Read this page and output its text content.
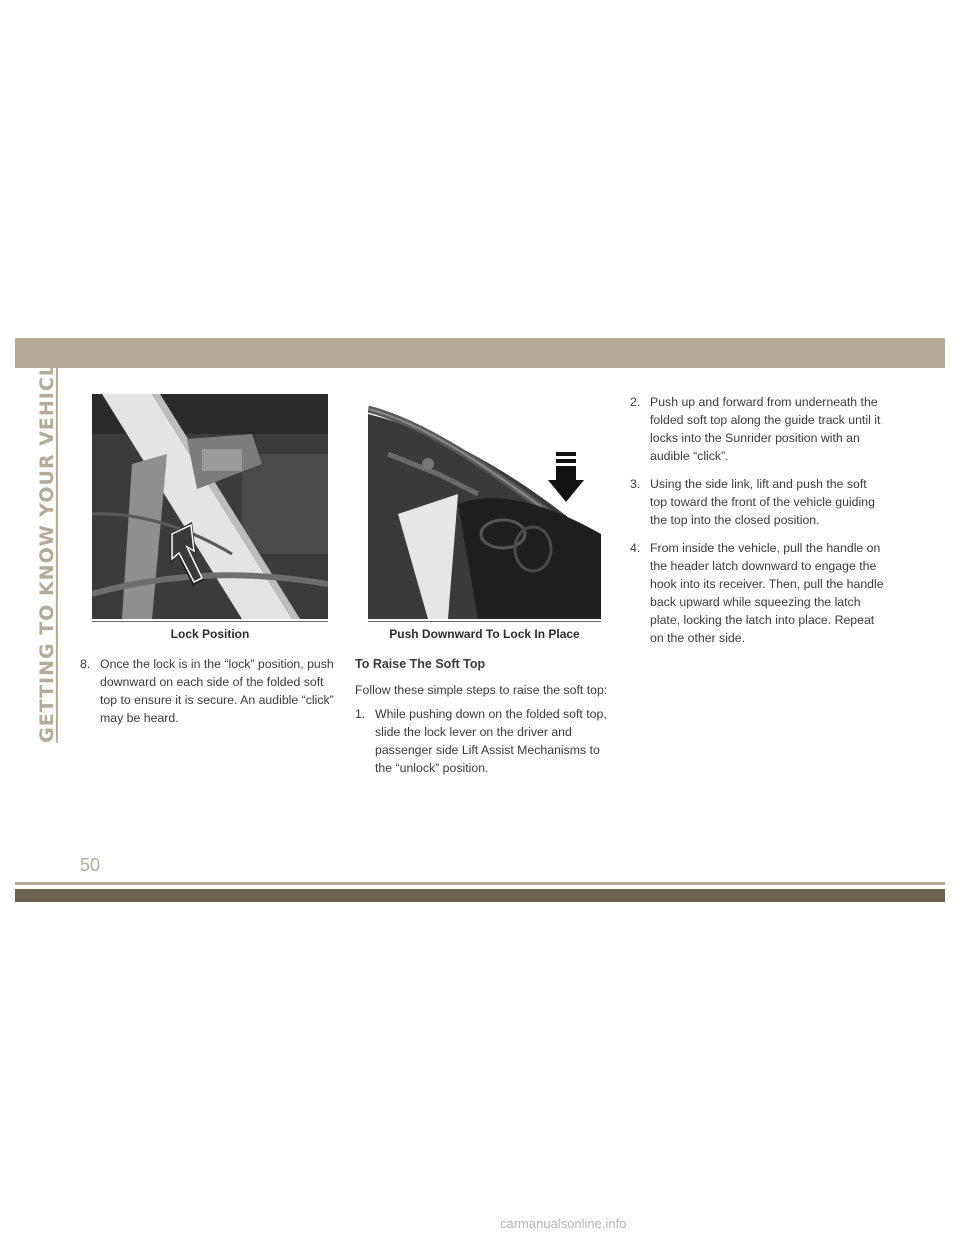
GETTING TO KNOW YOUR VEHICLE	Lock Position	Push Downward To Lock In Place
8. Once the lock is in the “lock” position, push downward on each side of the folded soft top to ensure it is secure. An audible “click” may be heard.

To Raise The Soft Top

Follow these simple steps to raise the soft top:

1. While pushing down on the folded soft top, slide the lock lever on the driver and passenger side Lift Assist Mechanisms to the “unlock” position.

2. Push up and forward from underneath the folded soft top along the guide track until it locks into the Sunrider position with an audible “click”.

3. Using the side link, lift and push the soft top toward the front of the vehicle guiding the top into the closed position.

4. From inside the vehicle, pull the handle on the header latch downward to engage the hook into its receiver. Then, pull the handle back upward while squeezing the latch plate, locking the latch into place. Repeat on the other side.

50
carmanualsonline.info
